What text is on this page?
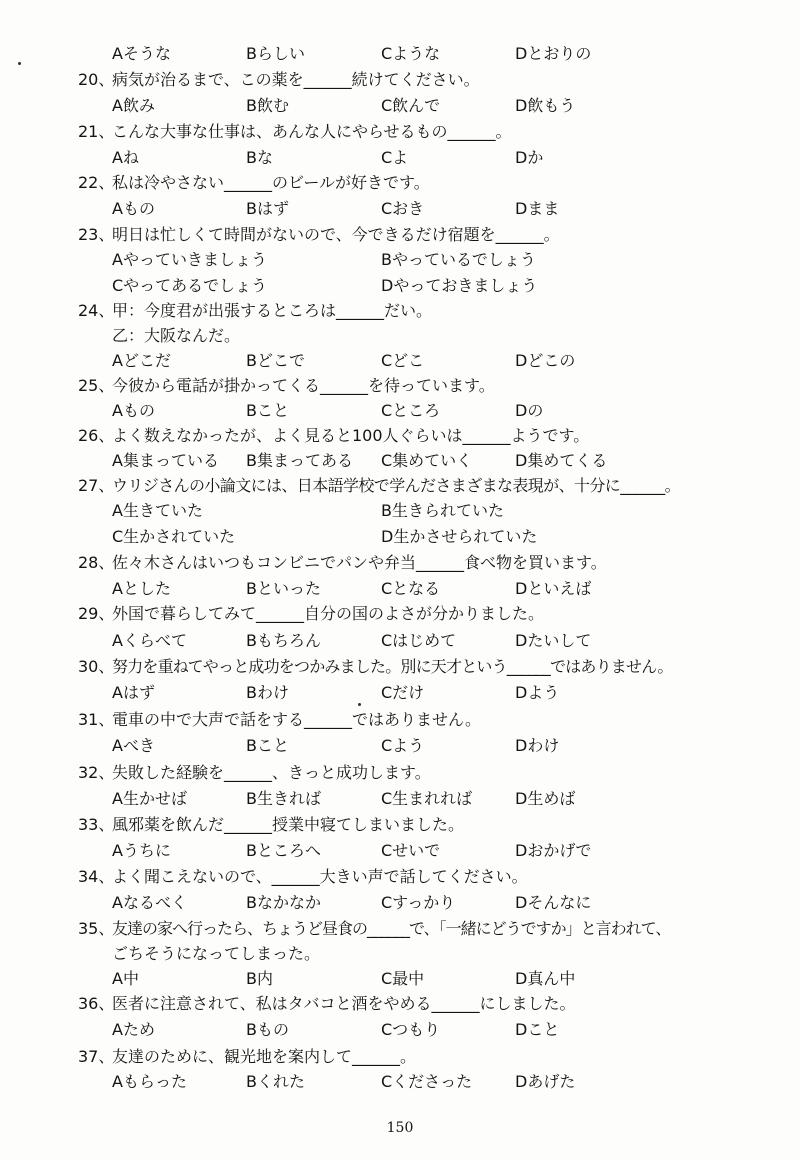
Aそうな	Bらしい	Cような	Dとおりの
20、
病気が治るまで、この薬を______続けてください。
A飲み	B飲む	C飲んで	D飲もう
21、
こんな大事な仕事は、あんな人にやらせるもの______。
Aね	Bな	Cよ	Dか
22、
私は冷やさない______のビールが好きです。
Aもの	Bはず	Cおき	Dまま
23、
明日は忙しくて時間がないので、今できるだけ宿題を______。
Aやっていきましょう	Bやっているでしょう
Cやってあるでしょう	Dやっておきましょう
24、
甲：今度君が出張するところは______だい。
乙：大阪なんだ。
Aどこだ	Bどこで	Cどこ	Dどこの
25、
今彼から電話が掛かってくる______を待っています。
Aもの	Bこと	Cところ	Dの
26、
よく数えなかったが、よく見ると100人ぐらいは______ようです。
A集まっている B集まってある C集めていく	D集めてくる
27、
ウリジさんの小論文には、日本語学校で学んださまざまな表現が、十分に______。
A生きていた	B生きられていた
C生かされていた	D生かさせられていた
28、
佐々木さんはいつもコンビニでパンや弁当______食べ物を買います。
Aとした	Bといった	Cとなる	Dといえば
29、
外国で暮らしてみて______自分の国のよさが分かりました。
Aくらべて	Bもちろん	Cはじめて	Dたいして
30、
努力を重ねてやっと成功をつかみました。別に天才という______ではありません。
Aはず	Bわけ	Cだけ	Dよう
31、
電車の中で大声で話をする______ではありません。
Aべき	Bこと	Cよう	Dわけ
32、
失敗した経験を______、きっと成功します。
A生かせば	B生きれば	C生まれれば	D生めば
33、
風邪薬を飲んだ______授業中寝てしまいました。
Aうちに	Bところへ	Cせいで	Dおかげで
34、
よく聞こえないので、______大きい声で話してください。
Aなるべく	Bなかなか	Cすっかり	Dそんなに
35、
友達の家へ行ったら、ちょうど昼食の______で、「一緒にどうですか」と言われて、
ごちそうになってしまった。
A中	B内	C最中	D真ん中
36、
医者に注意されて、私はタバコと酒をやめる______にしました。
Aため	Bもの	Cつもり	Dこと
37、
友達のために、観光地を案内して______。
Aもらった	Bくれた	Cくださった	Dあげた
150
